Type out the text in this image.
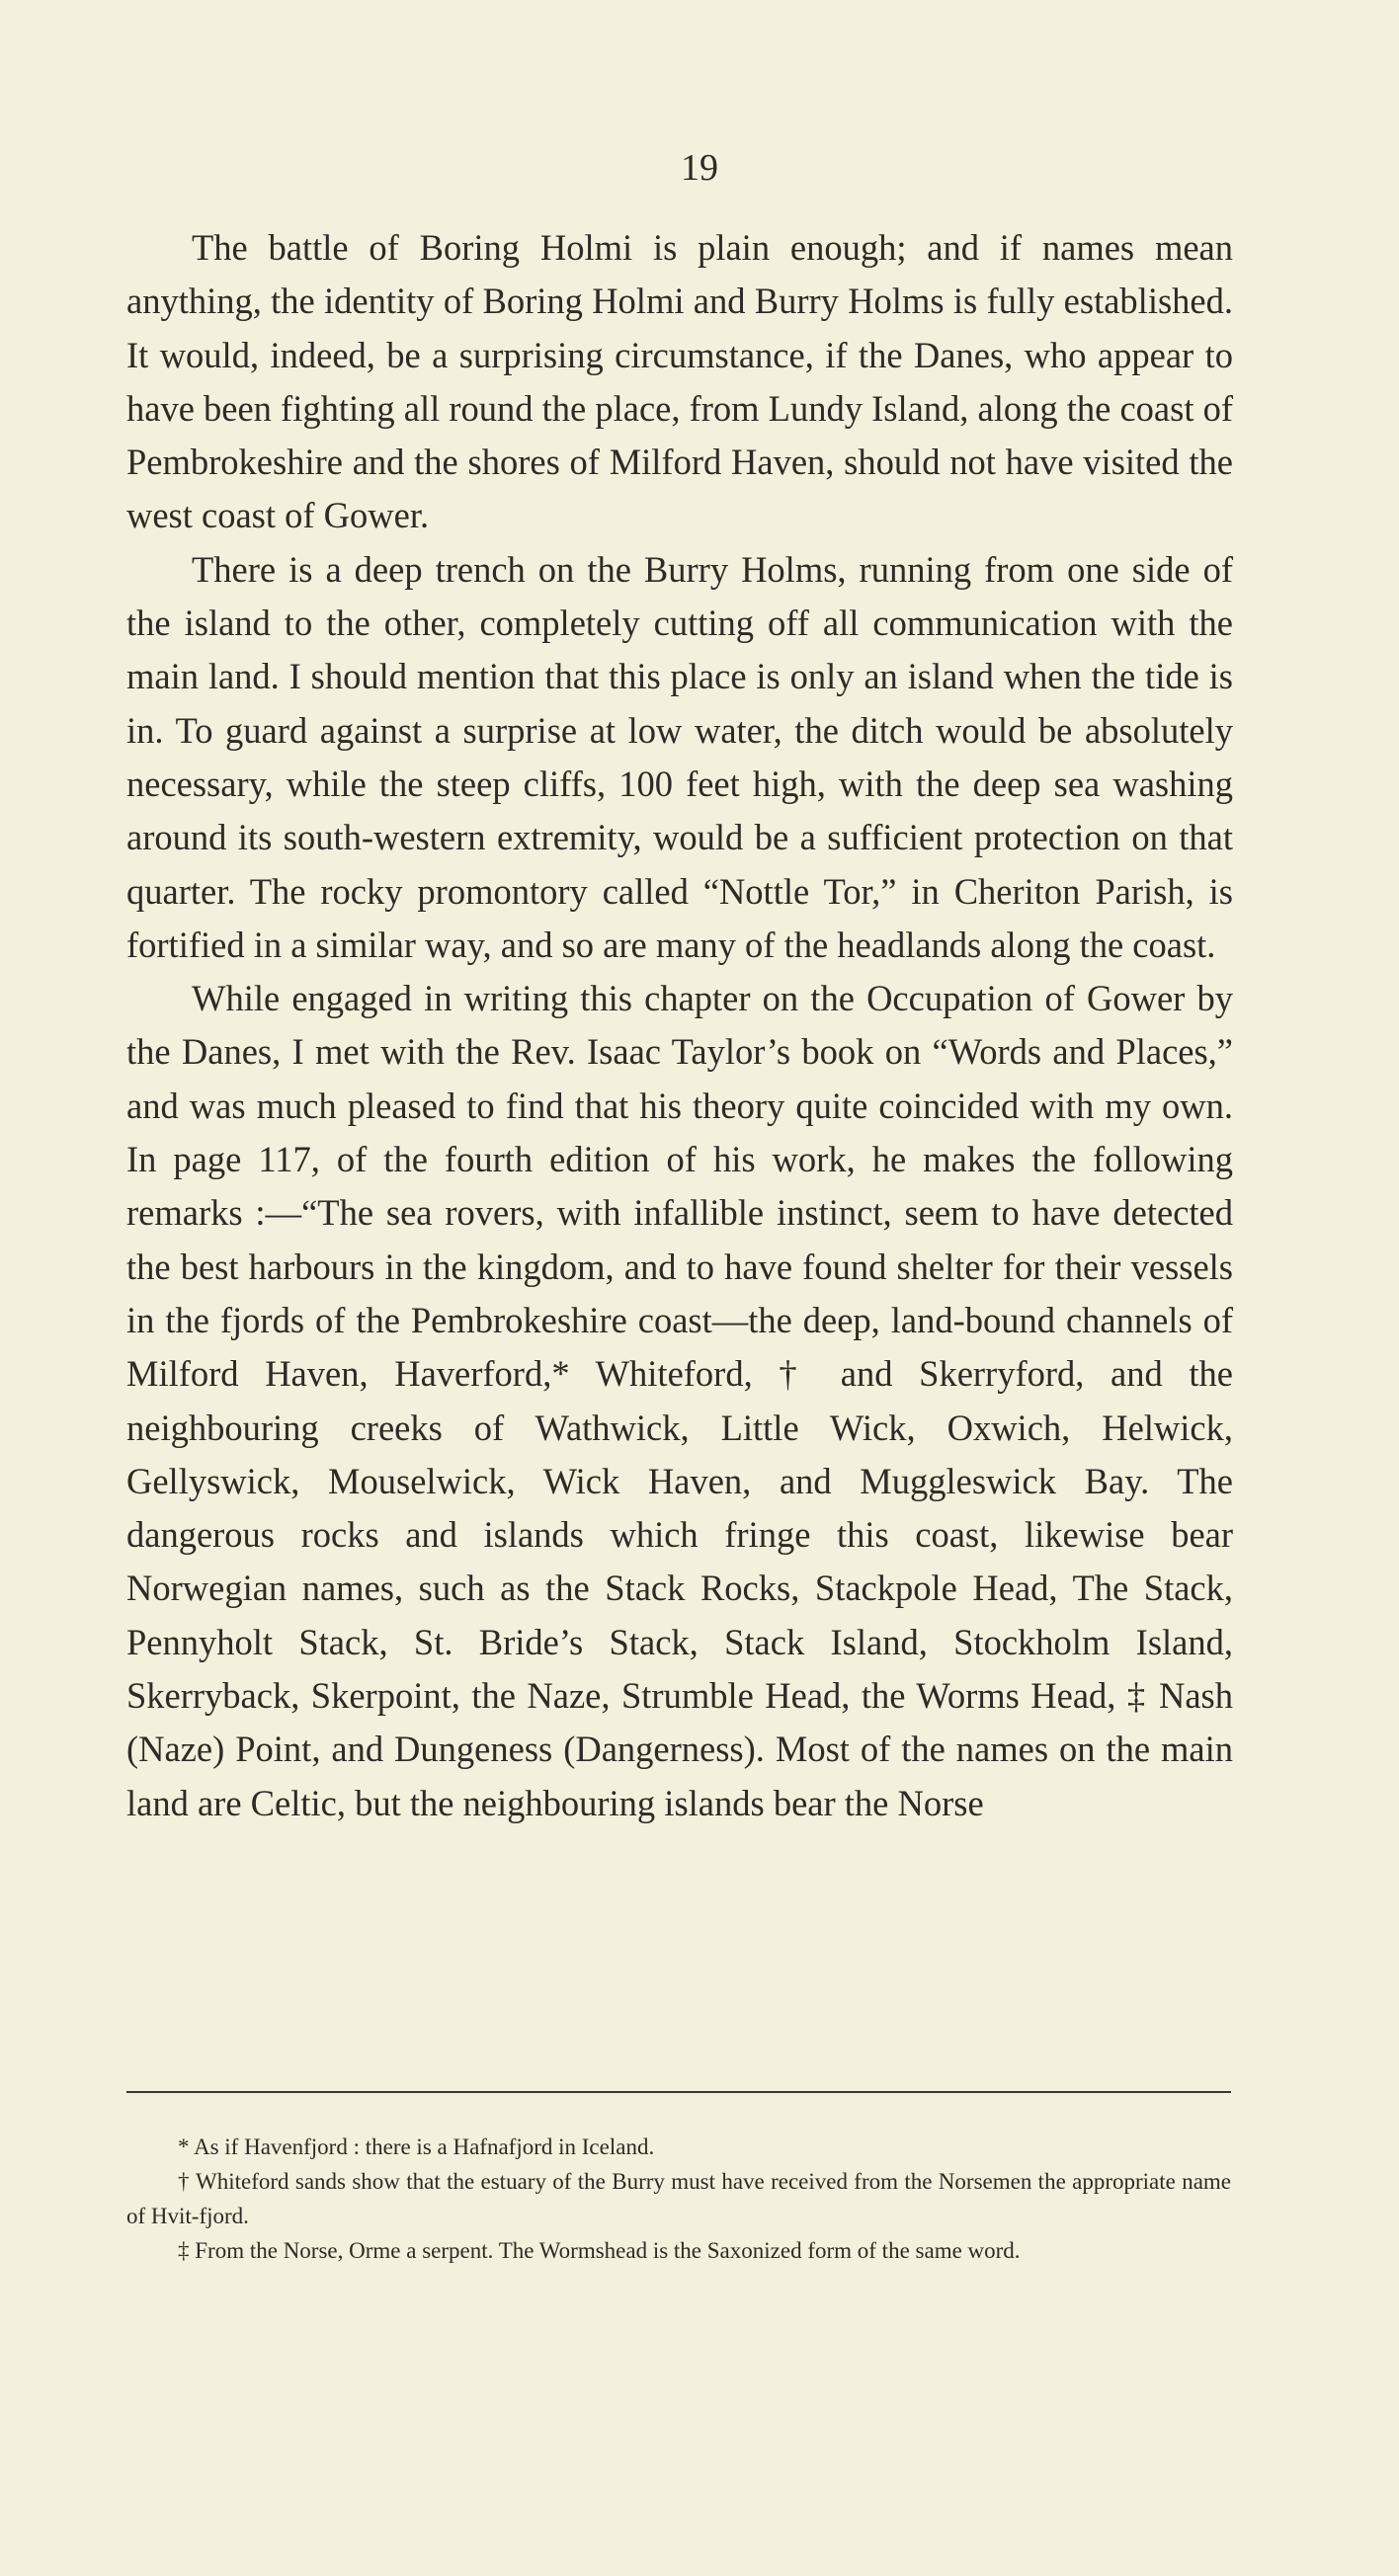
19

The battle of Boring Holmi is plain enough; and if names mean anything, the identity of Boring Holmi and Burry Holms is fully established. It would, indeed, be a surprising circumstance, if the Danes, who appear to have been fighting all round the place, from Lundy Island, along the coast of Pembrokeshire and the shores of Milford Haven, should not have visited the west coast of Gower.

There is a deep trench on the Burry Holms, running from one side of the island to the other, completely cutting off all communication with the main land. I should mention that this place is only an island when the tide is in. To guard against a surprise at low water, the ditch would be absolutely necessary, while the steep cliffs, 100 feet high, with the deep sea washing around its south-western extremity, would be a sufficient protection on that quarter. The rocky promontory called “Nottle Tor,” in Cheriton Parish, is fortified in a similar way, and so are many of the headlands along the coast.

While engaged in writing this chapter on the Occupation of Gower by the Danes, I met with the Rev. Isaac Taylor’s book on “Words and Places,” and was much pleased to find that his theory quite coincided with my own. In page 117, of the fourth edition of his work, he makes the following remarks :—“The sea rovers, with infallible instinct, seem to have detected the best harbours in the kingdom, and to have found shelter for their vessels in the fjords of the Pembrokeshire coast—the deep, land-bound channels of Milford Haven, Haverford,* Whiteford, † and Skerryford, and the neighbouring creeks of Wathwick, Little Wick, Oxwich, Helwick, Gellyswick, Mouselwick, Wick Haven, and Muggleswick Bay. The dangerous rocks and islands which fringe this coast, likewise bear Norwegian names, such as the Stack Rocks, Stackpole Head, The Stack, Pennyholt Stack, St. Bride’s Stack, Stack Island, Stockholm Island, Skerryback, Skerpoint, the Naze, Strumble Head, the Worms Head, ‡ Nash (Naze) Point, and Dungeness (Dangerness). Most of the names on the main land are Celtic, but the neighbouring islands bear the Norse

* As if Havenfjord : there is a Hafnafjord in Iceland.

† Whiteford sands show that the estuary of the Burry must have received from the Norsemen the appropriate name of Hvit-fjord.

‡ From the Norse, Orme a serpent. The Wormshead is the Saxonized form of the same word.
